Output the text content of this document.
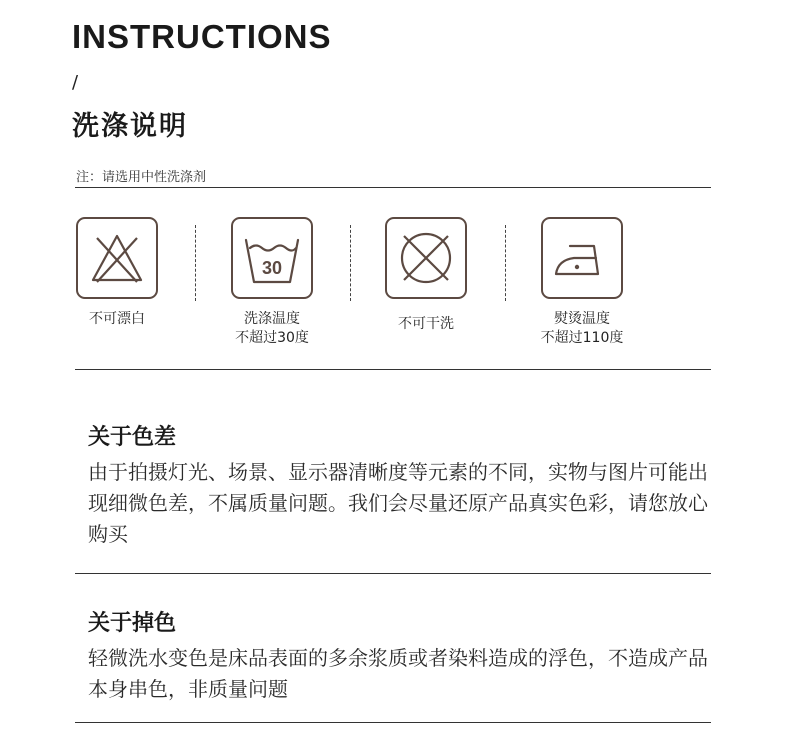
INSTRUCTIONS
/
洗涤说明
注：请选用中性洗涤剂
30
不可漂白	洗涤温度
不超过30度
不可干洗	熨烫温度
不超过110度
关于色差

由于拍摄灯光、场景、显示器清晰度等元素的不同，实物与图片可能出现细微色差，不属质量问题。我们会尽量还原产品真实色彩，请您放心购买

关于掉色

轻微洗水变色是床品表面的多余浆质或者染料造成的浮色，不造成产品本身串色，非质量问题
